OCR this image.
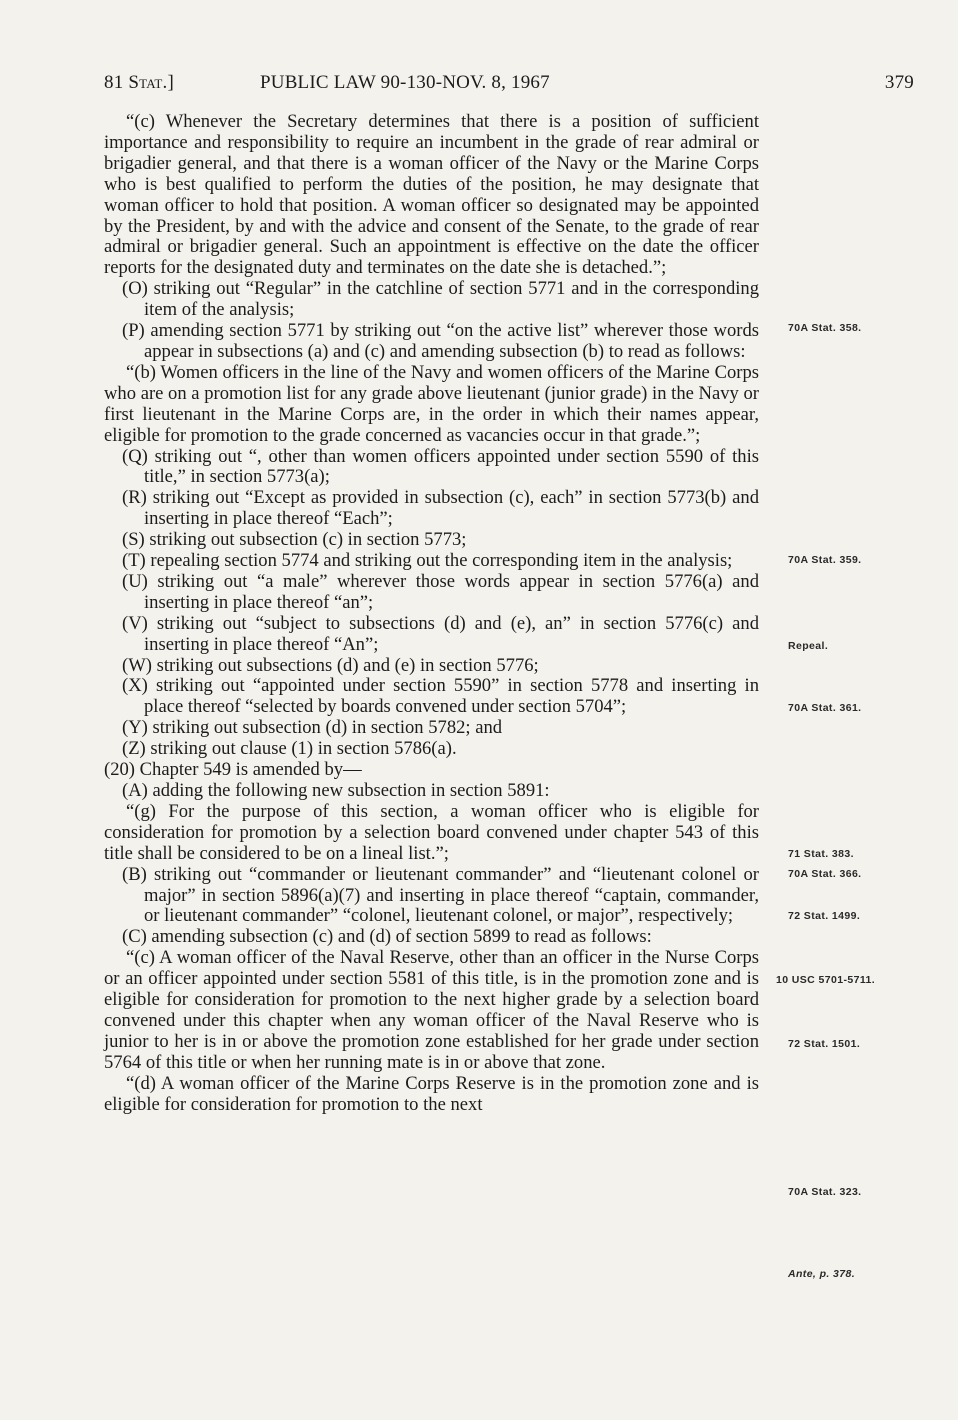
81 Stat.]	PUBLIC LAW 90-130-NOV. 8, 1967	379

“(c) Whenever the Secretary determines that there is a position of sufficient importance and responsibility to require an incumbent in the grade of rear admiral or brigadier general, and that there is a woman officer of the Navy or the Marine Corps who is best qualified to perform the duties of the position, he may designate that woman officer to hold that position. A woman officer so designated may be appointed by the President, by and with the advice and consent of the Senate, to the grade of rear admiral or brigadier general. Such an appointment is effective on the date the officer reports for the designated duty and terminates on the date she is detached.”;

(O) striking out “Regular” in the catchline of section 5771 and in the corresponding item of the analysis;

(P) amending section 5771 by striking out “on the active list” wherever those words appear in subsections (a) and (c) and amending subsection (b) to read as follows:

“(b) Women officers in the line of the Navy and women officers of the Marine Corps who are on a promotion list for any grade above lieutenant (junior grade) in the Navy or first lieutenant in the Marine Corps are, in the order in which their names appear, eligible for promotion to the grade concerned as vacancies occur in that grade.”;

(Q) striking out “, other than women officers appointed under section 5590 of this title,” in section 5773(a);

(R) striking out “Except as provided in subsection (c), each” in section 5773(b) and inserting in place thereof “Each”;

(S) striking out subsection (c) in section 5773;

(T) repealing section 5774 and striking out the corresponding item in the analysis;

(U) striking out “a male” wherever those words appear in section 5776(a) and inserting in place thereof “an”;

(V) striking out “subject to subsections (d) and (e), an” in section 5776(c) and inserting in place thereof “An”;

(W) striking out subsections (d) and (e) in section 5776;

(X) striking out “appointed under section 5590” in section 5778 and inserting in place thereof “selected by boards convened under section 5704”;

(Y) striking out subsection (d) in section 5782; and

(Z) striking out clause (1) in section 5786(a).

(20) Chapter 549 is amended by—

(A) adding the following new subsection in section 5891:

“(g) For the purpose of this section, a woman officer who is eligible for consideration for promotion by a selection board convened under chapter 543 of this title shall be considered to be on a lineal list.”;

(B) striking out “commander or lieutenant commander” and “lieutenant colonel or major” in section 5896(a)(7) and inserting in place thereof “captain, commander, or lieutenant commander” “colonel, lieutenant colonel, or major”, respectively;

(C) amending subsection (c) and (d) of section 5899 to read as follows:

“(c) A woman officer of the Naval Reserve, other than an officer in the Nurse Corps or an officer appointed under section 5581 of this title, is in the promotion zone and is eligible for consideration for promotion to the next higher grade by a selection board convened under this chapter when any woman officer of the Naval Reserve who is junior to her is in or above the promotion zone established for her grade under section 5764 of this title or when her running mate is in or above that zone.

“(d) A woman officer of the Marine Corps Reserve is in the promotion zone and is eligible for consideration for promotion to the next

70A Stat. 358.
70A Stat. 359.
Repeal.
70A Stat. 361.
71 Stat. 383.
70A Stat. 366.
72 Stat. 1499.
10 USC 5701-5711.
72 Stat. 1501.
70A Stat. 323.
Ante, p. 378.
